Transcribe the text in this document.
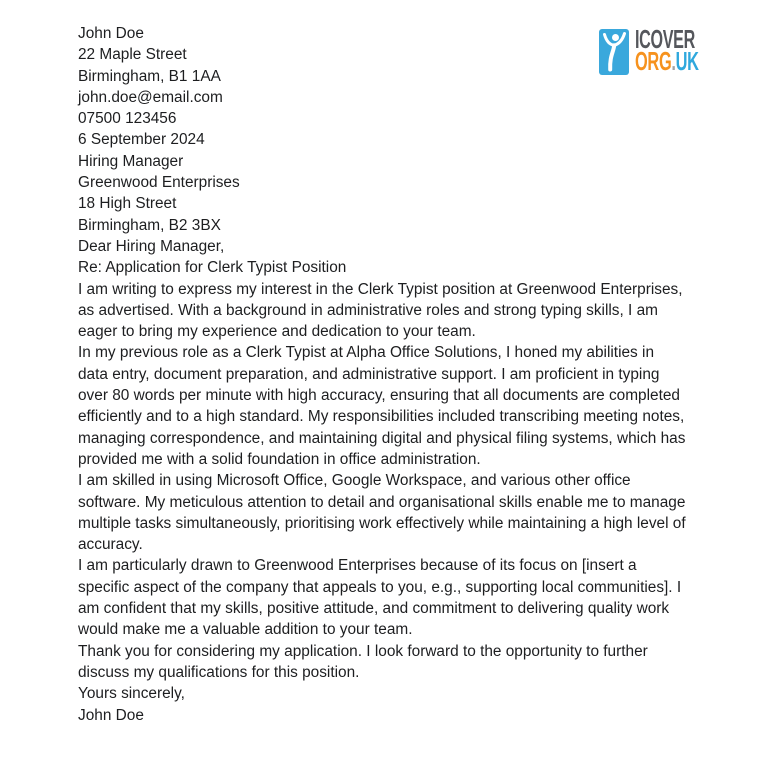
ICOVER
ORG.UK
John Doe
22 Maple Street
Birmingham, B1 1AA
john.doe@email.com
07500 123456
6 September 2024
Hiring Manager
Greenwood Enterprises
18 High Street
Birmingham, B2 3BX
Dear Hiring Manager,
Re: Application for Clerk Typist Position
I am writing to express my interest in the Clerk Typist position at Greenwood Enterprises,
as advertised. With a background in administrative roles and strong typing skills, I am
eager to bring my experience and dedication to your team.
In my previous role as a Clerk Typist at Alpha Office Solutions, I honed my abilities in
data entry, document preparation, and administrative support. I am proficient in typing
over 80 words per minute with high accuracy, ensuring that all documents are completed
efficiently and to a high standard. My responsibilities included transcribing meeting notes,
managing correspondence, and maintaining digital and physical filing systems, which has
provided me with a solid foundation in office administration.
I am skilled in using Microsoft Office, Google Workspace, and various other office
software. My meticulous attention to detail and organisational skills enable me to manage
multiple tasks simultaneously, prioritising work effectively while maintaining a high level of
accuracy.
I am particularly drawn to Greenwood Enterprises because of its focus on [insert a
specific aspect of the company that appeals to you, e.g., supporting local communities]. I
am confident that my skills, positive attitude, and commitment to delivering quality work
would make me a valuable addition to your team.
Thank you for considering my application. I look forward to the opportunity to further
discuss my qualifications for this position.
Yours sincerely,
John Doe
